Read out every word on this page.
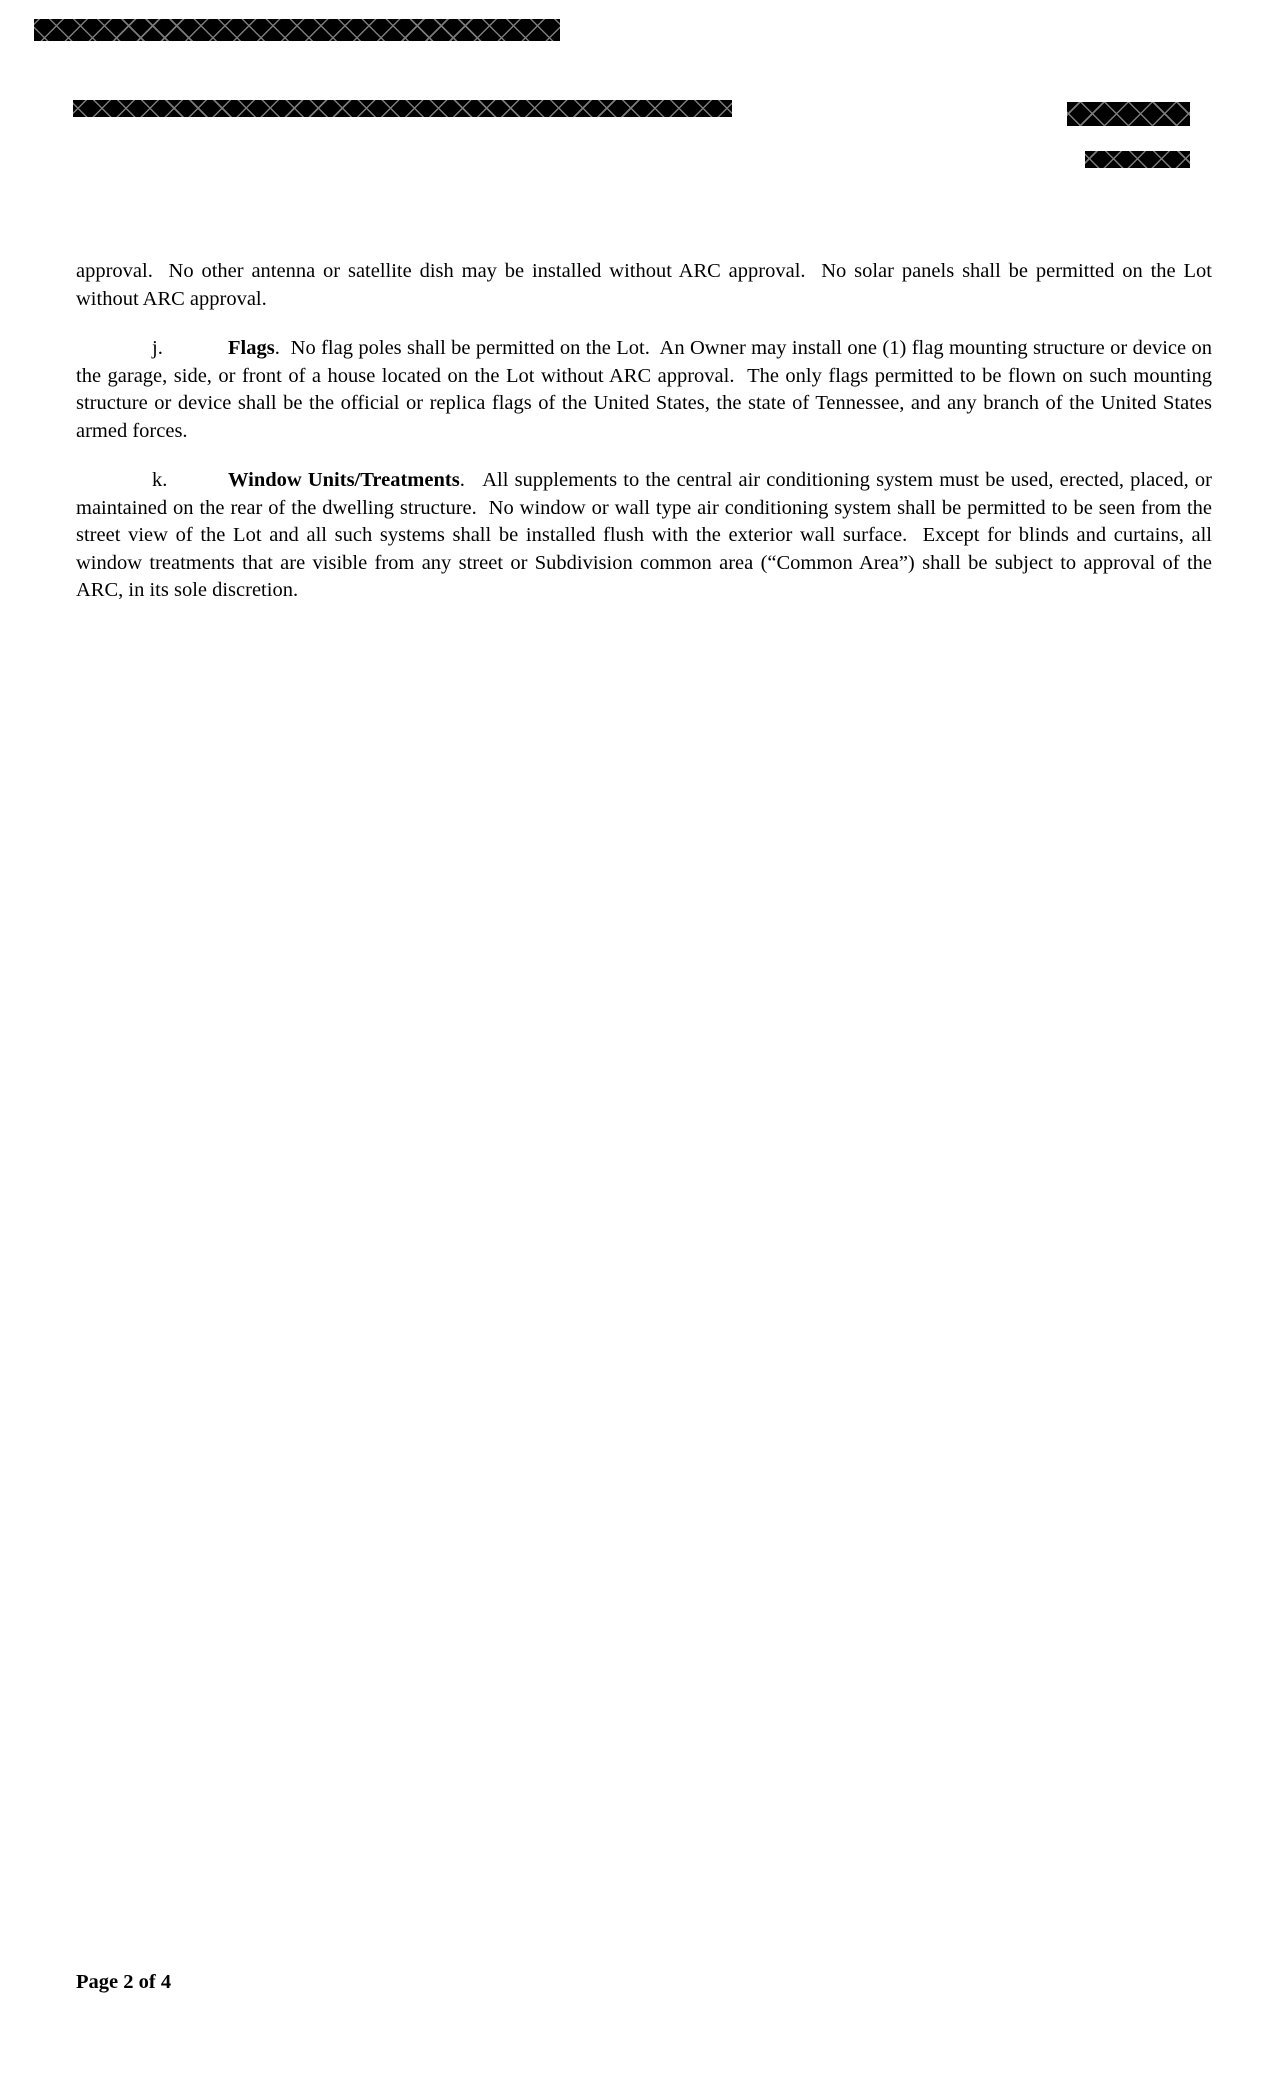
approval.  No other antenna or satellite dish may be installed without ARC approval.  No solar panels shall be permitted on the Lot without ARC approval.

j.	Flags.  No flag poles shall be permitted on the Lot.  An Owner may install one (1) flag mounting structure or device on the garage, side, or front of a house located on the Lot without ARC approval.  The only flags permitted to be flown on such mounting structure or device shall be the official or replica flags of the United States, the state of Tennessee, and any branch of the United States armed forces.

k.	Window Units/Treatments.   All supplements to the central air conditioning system must be used, erected, placed, or maintained on the rear of the dwelling structure.  No window or wall type air conditioning system shall be permitted to be seen from the street view of the Lot and all such systems shall be installed flush with the exterior wall surface.  Except for blinds and curtains, all window treatments that are visible from any street or Subdivision common area (“Common Area”) shall be subject to approval of the ARC, in its sole discretion.

Page 2 of 4
